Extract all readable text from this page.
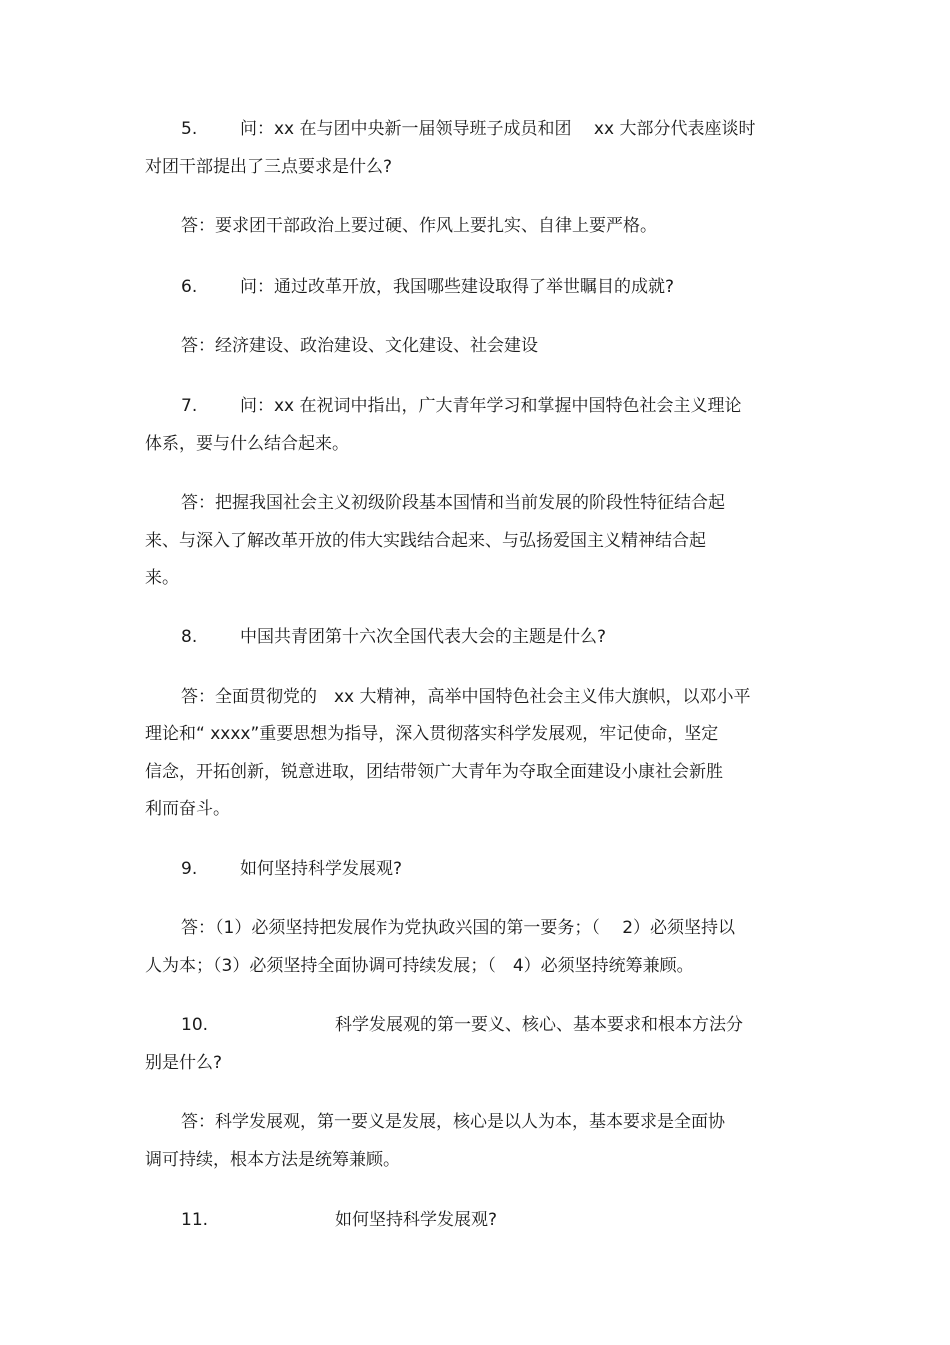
5.	问：xx 在与团中央新一届领导班子成员和团　 xx 大部分代表座谈时
对团干部提出了三点要求是什么?
答：要求团干部政治上要过硬、作风上要扎实、自律上要严格。
6.	问：通过改革开放，我国哪些建设取得了举世瞩目的成就?
答：经济建设、政治建设、文化建设、社会建设
7.	问：xx 在祝词中指出，广大青年学习和掌握中国特色社会主义理论
体系，要与什么结合起来。
答：把握我国社会主义初级阶段基本国情和当前发展的阶段性特征结合起
来、与深入了解改革开放的伟大实践结合起来、与弘扬爱国主义精神结合起
来。
8.	中国共青团第十六次全国代表大会的主题是什么?
答：全面贯彻党的　xx 大精神，高举中国特色社会主义伟大旗帜，以邓小平
理论和“ xxxx”重要思想为指导，深入贯彻落实科学发展观，牢记使命，坚定
信念，开拓创新，锐意进取，团结带领广大青年为夺取全面建设小康社会新胜
利而奋斗。
9.	如何坚持科学发展观?
答：（1）必须坚持把发展作为党执政兴国的第一要务；（　 2）必须坚持以
人为本；（3）必须坚持全面协调可持续发展；（　4）必须坚持统筹兼顾。
10.	科学发展观的第一要义、核心、基本要求和根本方法分
别是什么?
答：科学发展观，第一要义是发展，核心是以人为本，基本要求是全面协
调可持续，根本方法是统筹兼顾。
11.	如何坚持科学发展观?
